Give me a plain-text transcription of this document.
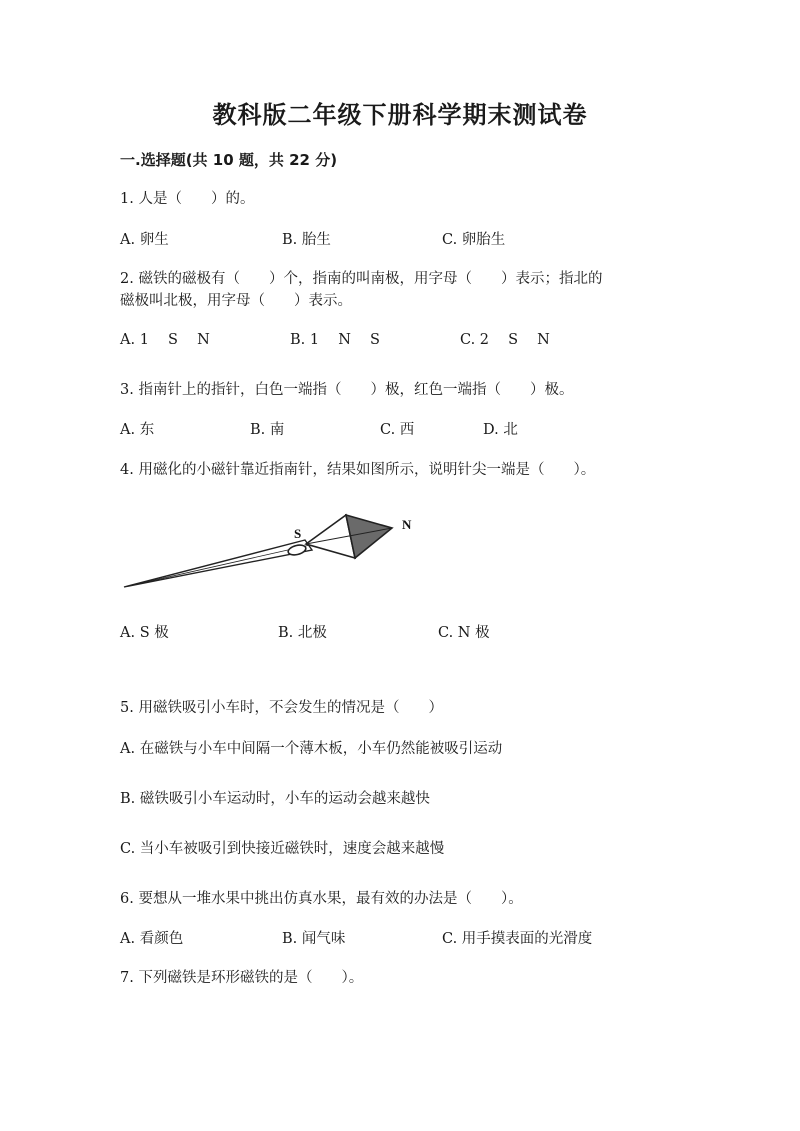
教科版二年级下册科学期末测试卷
一.选择题(共 10 题，共 22 分)
1. 人是（　　）的。
A. 卵生	B. 胎生	C. 卵胎生
2. 磁铁的磁极有（　　）个，指南的叫南极，用字母（　　）表示；指北的
磁极叫北极，用字母（　　）表示。
A. 1　 S　 N	B. 1　 N　 S	C. 2　 S　 N
3. 指南针上的指针，白色一端指（　　）极，红色一端指（　　）极。
A. 东	B. 南	C. 西	D. 北
4. 用磁化的小磁针靠近指南针，结果如图所示，说明针尖一端是（　　）。
S
N
A. S 极	B. 北极	C. N 极
5. 用磁铁吸引小车时，不会发生的情况是（　　）
A. 在磁铁与小车中间隔一个薄木板，小车仍然能被吸引运动
B. 磁铁吸引小车运动时，小车的运动会越来越快
C. 当小车被吸引到快接近磁铁时，速度会越来越慢
6. 要想从一堆水果中挑出仿真水果，最有效的办法是（　　）。
A. 看颜色	B. 闻气味	C. 用手摸表面的光滑度
7. 下列磁铁是环形磁铁的是（　　）。
